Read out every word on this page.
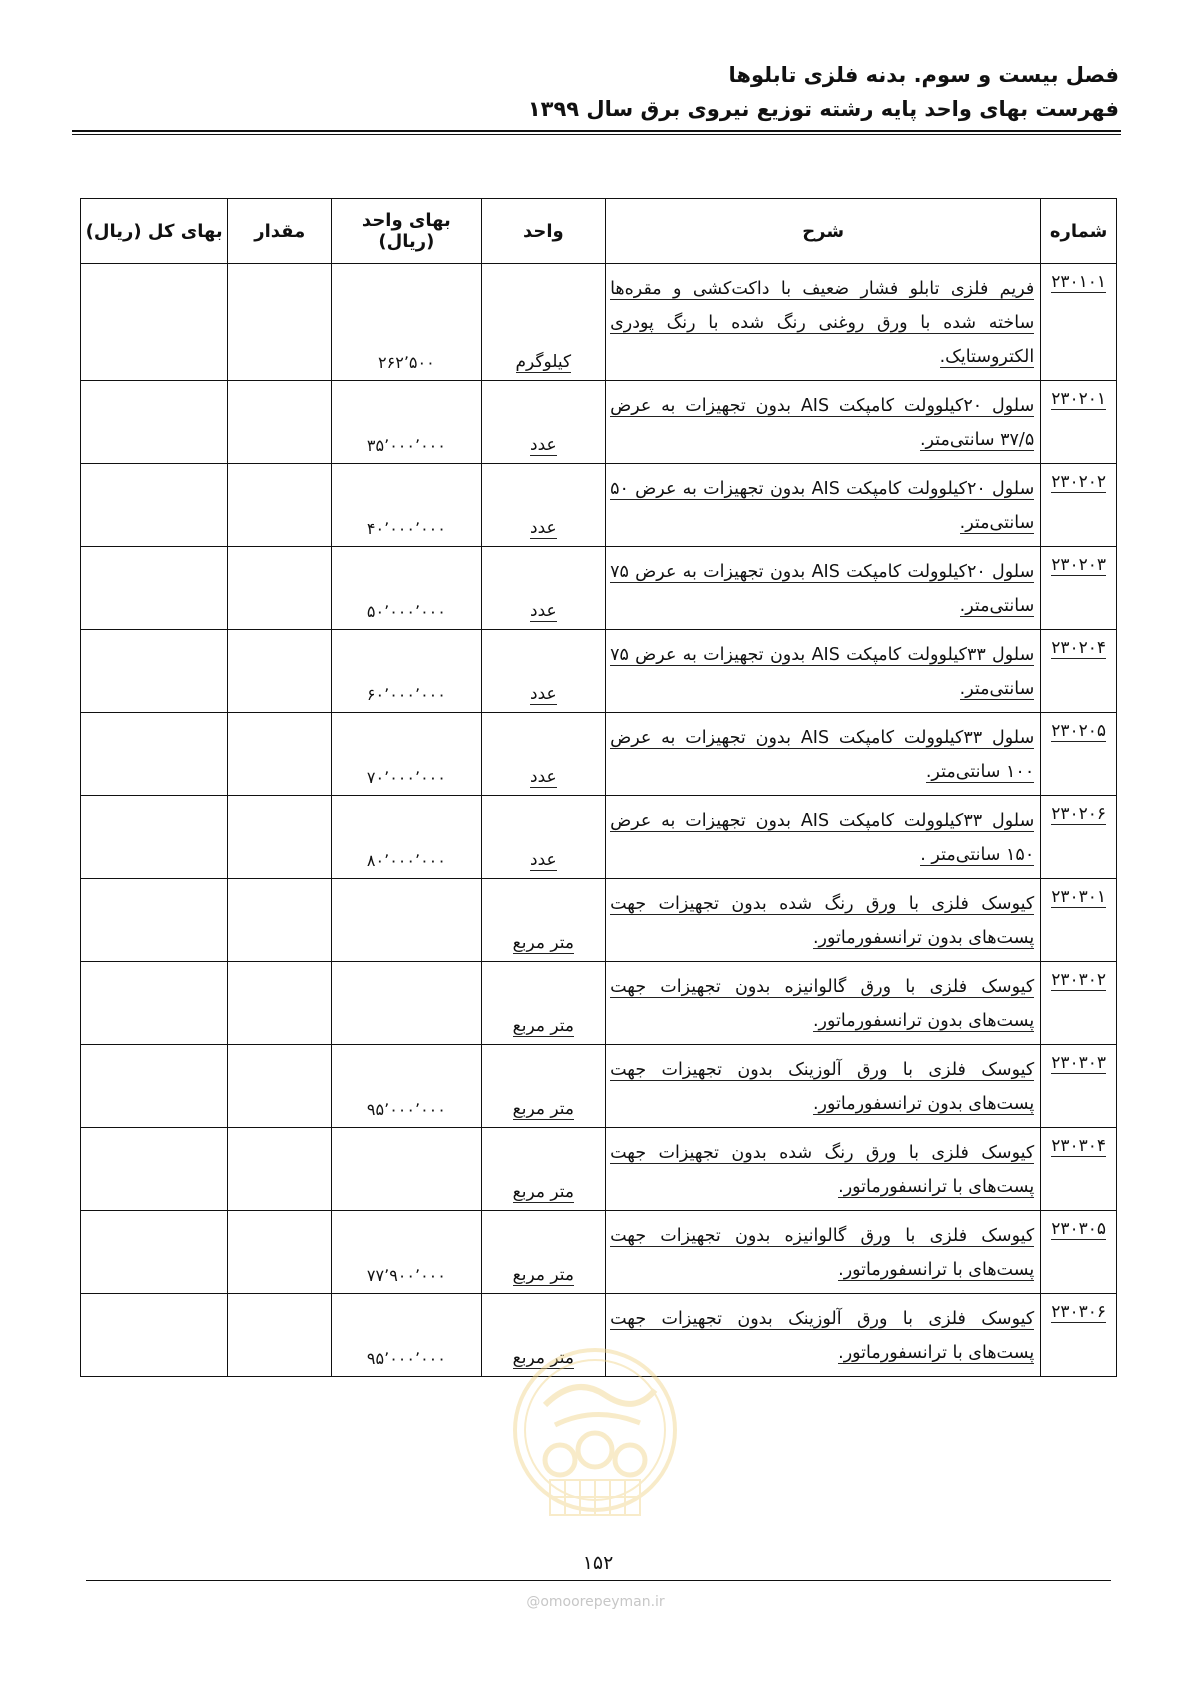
فصل بیست و سوم. بدنه فلزی تابلوها
فهرست بهای واحد پایه رشته توزیع نیروی برق سال ۱۳۹۹
شماره	شرح	واحد	بهای واحد (ریال)	مقدار	بهای کل (ریال)
۲۳۰۱۰۱	فریم فلزی تابلو فشار ضعیف با داکت‌کشی و مقره‌ها ساخته شده با ورق روغنی رنگ شده با رنگ پودری الکتروستایک.	کیلوگرم	۲۶۲٬۵۰۰		
۲۳۰۲۰۱	سلول ۲۰کیلوولت کامپکت AIS بدون تجهیزات به عرض ۳۷/۵ سانتی‌متر.	عدد	۳۵٬۰۰۰٬۰۰۰		
۲۳۰۲۰۲	سلول ۲۰کیلوولت کامپکت AIS بدون تجهیزات به عرض ۵۰ سانتی‌متر.	عدد	۴۰٬۰۰۰٬۰۰۰		
۲۳۰۲۰۳	سلول ۲۰کیلوولت کامپکت AIS بدون تجهیزات به عرض ۷۵ سانتی‌متر.	عدد	۵۰٬۰۰۰٬۰۰۰		
۲۳۰۲۰۴	سلول ۳۳کیلوولت کامپکت AIS بدون تجهیزات به عرض ۷۵ سانتی‌متر.	عدد	۶۰٬۰۰۰٬۰۰۰		
۲۳۰۲۰۵	سلول ۳۳کیلوولت کامپکت AIS بدون تجهیزات به عرض ۱۰۰ سانتی‌متر.	عدد	۷۰٬۰۰۰٬۰۰۰		
۲۳۰۲۰۶	سلول ۳۳کیلوولت کامپکت AIS بدون تجهیزات به عرض ۱۵۰ سانتی‌متر .	عدد	۸۰٬۰۰۰٬۰۰۰		
۲۳۰۳۰۱	کیوسک فلزی با ورق رنگ شده بدون تجهیزات جهت پست‌های بدون ترانسفورماتور.	متر مربع			
۲۳۰۳۰۲	کیوسک فلزی با ورق گالوانیزه بدون تجهیزات جهت پست‌های بدون ترانسفورماتور.	متر مربع			
۲۳۰۳۰۳	کیوسک فلزی با ورق آلوزینک بدون تجهیزات جهت پست‌های بدون ترانسفورماتور.	متر مربع	۹۵٬۰۰۰٬۰۰۰		
۲۳۰۳۰۴	کیوسک فلزی با ورق رنگ شده بدون تجهیزات جهت پست‌های با ترانسفورماتور.	متر مربع			
۲۳۰۳۰۵	کیوسک فلزی با ورق گالوانیزه بدون تجهیزات جهت پست‌های با ترانسفورماتور.	متر مربع	۷۷٬۹۰۰٬۰۰۰		
۲۳۰۳۰۶	کیوسک فلزی با ورق آلوزینک بدون تجهیزات جهت پست‌های با ترانسفورماتور.	متر مربع	۹۵٬۰۰۰٬۰۰۰		
۱۵۲
@omoorepeyman.ir
